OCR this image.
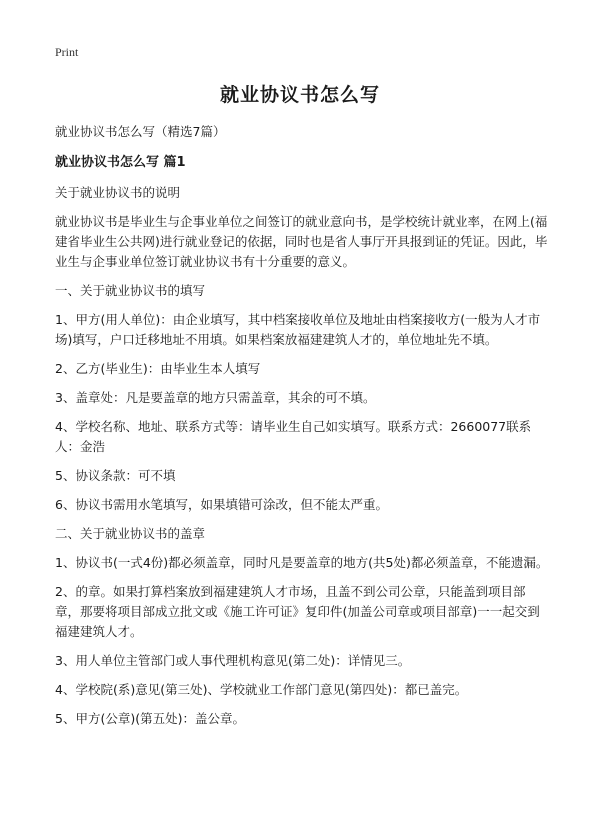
Print
就业协议书怎么写
就业协议书怎么写（精选7篇）
就业协议书怎么写 篇1
关于就业协议书的说明
就业协议书是毕业生与企事业单位之间签订的就业意向书，是学校统计就业率，在网上(福建省毕业生公共网)进行就业登记的依据，同时也是省人事厅开具报到证的凭证。因此，毕业生与企事业单位签订就业协议书有十分重要的意义。
一、关于就业协议书的填写
1、甲方(用人单位)：由企业填写，其中档案接收单位及地址由档案接收方(一般为人才市场)填写，户口迁移地址不用填。如果档案放福建建筑人才的，单位地址先不填。
2、乙方(毕业生)：由毕业生本人填写
3、盖章处：凡是要盖章的地方只需盖章，其余的可不填。
4、学校名称、地址、联系方式等：请毕业生自己如实填写。联系方式：2660077联系人：金浩
5、协议条款：可不填
6、协议书需用水笔填写，如果填错可涂改，但不能太严重。
二、关于就业协议书的盖章
1、协议书(一式4份)都必须盖章，同时凡是要盖章的地方(共5处)都必须盖章，不能遗漏。
2、的章。如果打算档案放到福建建筑人才市场，且盖不到公司公章，只能盖到项目部章，那要将项目部成立批文或《施工许可证》复印件(加盖公司章或项目部章)一一起交到福建建筑人才。
3、用人单位主管部门或人事代理机构意见(第二处)：详情见三。
4、学校院(系)意见(第三处)、学校就业工作部门意见(第四处)：都已盖完。
5、甲方(公章)(第五处)：盖公章。
